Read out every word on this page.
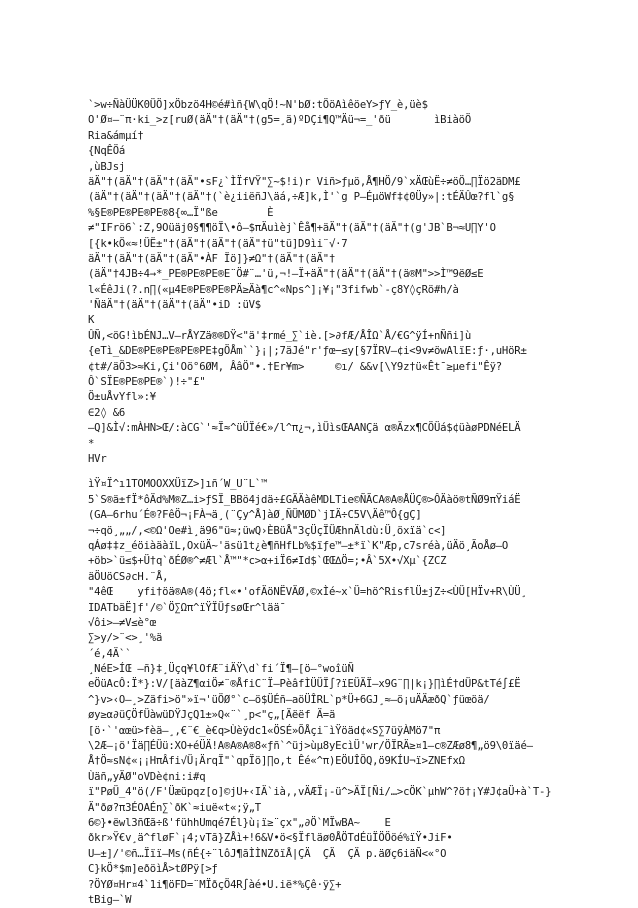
`>w÷ÑàÜÜK0ÜÖ]xÖbzö4H©é#ìñ{W\qÖ!~N'bØ:tÖöAìêöeY>ƒY_è,üè$
O'Ø¤–¨π·ki_>z[ruØ(äÄ"†(äÄ"†(g5=¸ä)ºDÇi¶Q™Äü¬=_'ðü       ìBiàöÖ
Ria&ámµí†
{NqÊÖá
,ùBJsj
äÄ"†(äÄ"†(äÄ"†(äÄ"•sF¿`ÌÏfVŸ"∑~$!i)r Viñ>ƒµö,Å¶HÖ/9`xÄŒùË÷≠öÖ…∏Ïö2äDM£
(äÄ"†(äÄ"†(äÄ"†(äÄ"†(`è¿iiëñJ\äá,÷Æ]k,Ì'`g P–ÉµöWf‡¢0Üy»|:tÉÄÛœ?fl`g§
%§E®PE®PE®PE®8{∞…Ï"ße        È
≠"IFrö6`:Z,9Oüäj0§¶¶öÏ\•ô–$πÄuìèj`Êå¶+äÄ"†(äÄ"†(äÄ"†(g'JB`B¬≈U∏Y'O
[{k•kÖ«≈!ÜË±"†(äÄ"†(äÄ"†(äÄ"†ü"tü]D9ìi¨√·7
äÄ"†(äÄ"†(äÄ"†(äÄ"•ÀF Ïö]}≠Ω"†(äÄ"†(äÄ"†
(äÄ"†4JB÷4→*_PE®PE®PE®E¨Ö#¨…'ü,¬!–Ï+äÄ"†(äÄ"†(äÄ"†(ä®M">>Ì™9ëØ≤E
l«ÉêJi(?.n∏(«µ4E®PE®PE®PÄ≥Äà¶c^«Nps^]¡¥¡"3fifwb`-ç8Y◊çRö#h/à
'ÑäÄ"†(äÄ"†(äÄ"†(äÄ"•iD :üV$
K
ÛÑ,<öG!ìbÉNJ…V–rÅYZä®®DŸ<"ä'‡rmé_∑`iè.[>∂fÆ/ÅÎΩ`Å/€G^ÿÍ+nÑñi]ù
{eTì_&DE®PE®PE®PE®PE‡gÖÅm``}¡|;7äJé"r'ƒœ−≤y[§7ÏRV–¢i<9v≠öwAlïE:ƒ·,uHöR±
¢t#/äÖ3>≈Ki,Çi'Oö°6ØM, ÂâÖ"•.†Er¥m>     ©ı/ &&v[\Y9z†ü«Êt¯≥µefi"Êÿ?
Ô`SÏE®PE®PE®`)!÷"£"
Ö±uÅvYfl»:¥
∈2◊ &6
–Q]&Ì√:mÀHN>Œ/:àCG`'≈Ï≈^üÜÏé€»/l^π¿¬,ìÜìsŒAANÇä α®Äzx¶CÖÜá$¢üàøPDNéELÄ
*
HVr
ìŸ¤Ï^ı1TOMOOXXÜïZ>]ıñ´W_U¨L`™
5`S®ä±fÏ*ôÄd%M®Z…i>ƒSÏ_BBö4jdä÷£GÄÄàêMDLTie©ÑÃCA®A®ÅÜÇ®>ÔÄàö®tÑØ9πŸiáË
(GA–6rhu´É®?FêÖ¬¡FÀ¬ä¸(¨Çy^Å]àØ¸ÑÜMØD`jIÄ÷C5V\Äê™Ô{gÇ]
¬÷qö¸„„/,<©Ω'Oe#ì¸ä96"ü≈;üwQ›ÈBüÅ"3çÜçÏÜÆhnÄldù:Ü¸öxïä`c<]
qÁø‡‡z_éöiàäàïL,OxüÄ~'äsü1t¿è¶ñHfLb%$ïƒe™–±*ï`K"Æp,c7sréà,üÄö¸ÃoÅø–O
+öb>`ü≤$+Ü†q`ðÉØ®^≠Æl`Å™"*c>α+iÏ6≠Id$`ŒŒ∆Ö=;•Â`5X•√Xµ`{ZCZ
äÖUöCS∂cH.¨Å,
"4êŒ    yfi†öä®A®(4ö;fl«•'ofÄöNËVÄØ,©xÌé~x`Ü=hö^RisflÜ±jZ÷<ÙÜ[HÏv+R\ÙÜ¸
IDATbäË]f'/©`Ö∑Ωπ^ïŸÏÜƒsøŒr^lää¯
√ôi>–≠V≤è°œ
∑>y/>¨<>¸'%ä
´é,4Ä``
¸NéE>ÍŒ –ñ}‡¸Üçq¥lOfÆ¨iÄŸ\d`fi´Ï¶–[ö–°woîüÑ
eÖüAcÔ:Ï*}:V/[äàZ¶αiÖ≠¨®ÅfiC¨Ï–PèâfÌÜÜÏ∫?ïEÜÄÏ–x9G¨∏|k¡}∏ìÉ†dÜP&tTé∫£Ë
^}v>‹O–¸>Zäfi>ö"»ï¬'üÖØ°`c–ö$ÜÉñ–aöÜÎRL`p*Ü+6GJ¸≈–ö¡uÄÄæðQ`ƒüœöä/
øy≥α∂üÇÖfÜàwüDŸJçQ1±»Q«¨`¸p<"ç„[Äëëf Ä=ä
[ö·`'αœü>fèä–¸,€¨€_è€q>Ùèÿdc1«ÖSÉ»ÕÅçi¨ìŸöäd¢«S∑7üÿÀMö7"π
\2Æ–¡ö'Ïä∏ÉÜü:XO+éÜÄ!A®A®A®8«ƒñ`^üj>ùµ8yEcìÜ'wr/ÖÏRÄ≥¤1–c®ZÆø8¶„ö9\0ïäé–
Å†Ö≈sN¢«¡¡HπÂfi√Ü¡ÄrqÏ"`qpÏö]∏o‚t Êé«^π)EÖUÎÖQ,ö9KÍU¬ï>ZNEfxΩ
Ùäñ„yÄØ"oVDè¢ni:i#q
ï"PøÜ_4"ö(/F'Üæüpqz[o]©jU+‹IÄ`ià,,vÄÆÏ¡-ü^>ÄÏ[Ñi/…>cÖK`µhW^?ö†¡Y#J¢aÜ+à`T-}
Ä"ðø?π3ÉOAÉn∑`ðK`≈iuë«t«;ÿ„T
6©}•ëwl3ñŒã÷ß'fühhUmqé7Él}ù¡ï≥¨çx"„∂Ö`MÏwBA~    E
ðkr»Ÿ€v¸ä^fløF`¡4;vTã}ZÅì+!6&V•ö<§Ïfläø0ÅÖTdÉüÏÖÖöé%ïŸ•JiF•
U–±]/'©ñ…Ïïï—Ms(ñÉ{÷¨lôJ¶ãÌÌNZðïÅ|ÇÄ  ÇÄ  ÇÄ p.äØç6iäÑ<«°O
C}kÖ*$m]eðöìÅ>tØPÿ[>ƒ
?ÖYØ¤Hr¤4`1i¶öFD=¨MÏðçÖ4R∫àé•U.ië*%Çê·ÿ∑+
tBig–`W
